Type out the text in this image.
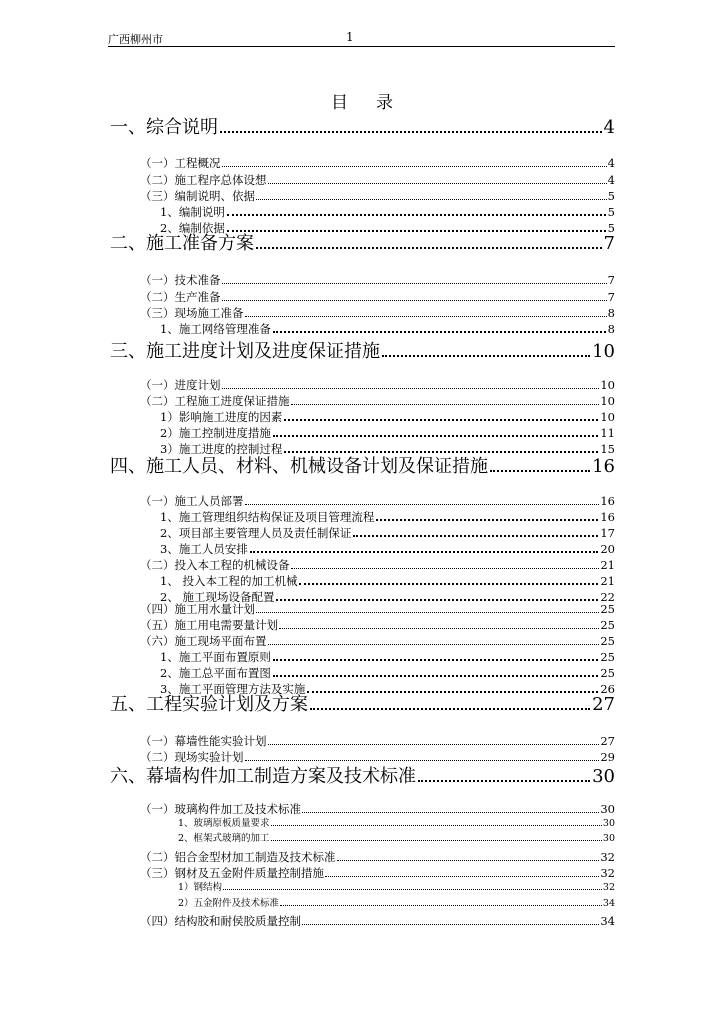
广西柳州市	1
目录
一、综合说明	4
（一）工程概况	4
（二）施工程序总体设想	4
（三）编制说明、依据	5
1、编制说明	5
2、编制依据	5
二、施工准备方案	7
（一）技术准备	7
（二）生产准备	7
（三）现场施工准备	8
1、施工网络管理准备	8
三、施工进度计划及进度保证措施	10
（一）进度计划	10
（二）工程施工进度保证措施	10
1）影响施工进度的因素	10
2）施工控制进度措施	11
3）施工进度的控制过程	15
四、施工人员、材料、机械设备计划及保证措施	16
（一）施工人员部署	16
1、施工管理组织结构保证及项目管理流程	16
2、项目部主要管理人员及责任制保证	17
3、施工人员安排	20
（二）投入本工程的机械设备	21
1、 投入本工程的加工机械	21
2、 施工现场设备配置	22
（四）施工用水量计划	25
（五）施工用电需要量计划	25
（六）施工现场平面布置	25
1、施工平面布置原则	25
2、施工总平面布置图	25
3、施工平面管理方法及实施	26
五、工程实验计划及方案	27
（一）幕墙性能实验计划	27
（二）现场实验计划	29
六、幕墙构件加工制造方案及技术标准	30
（一）玻璃构件加工及技术标准	30
1、玻璃原板质量要求	30
2、框架式玻璃的加工	30
（二）铝合金型材加工制造及技术标准	32
（三）钢材及五金附件质量控制措施	32
1）钢结构	32
2）五金附件及技术标准	34
（四）结构胶和耐侯胶质量控制	34
